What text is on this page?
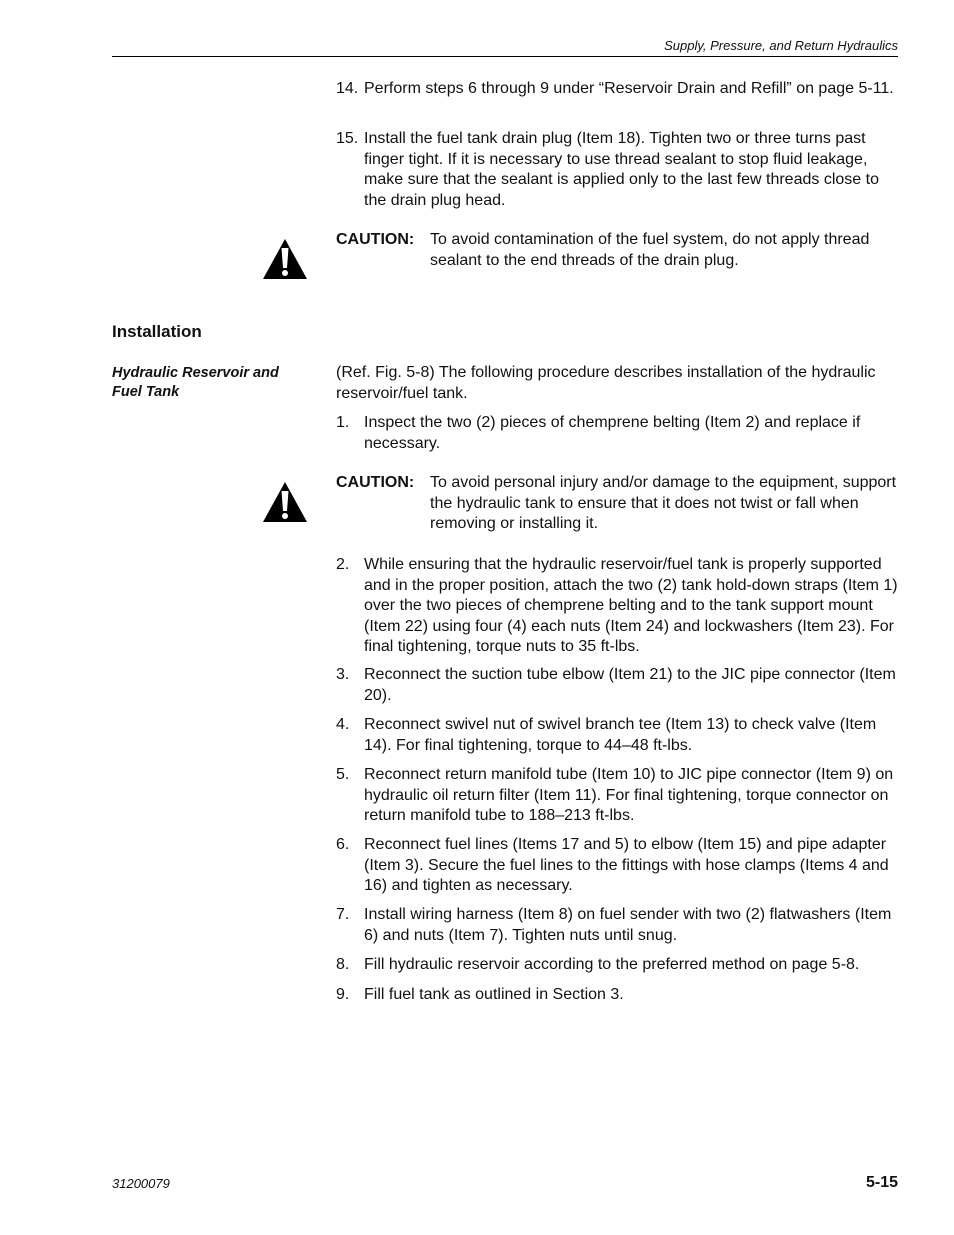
Supply, Pressure, and Return Hydraulics
14. Perform steps 6 through 9 under “Reservoir Drain and Refill” on page 5-11.
15. Install the fuel tank drain plug (Item 18). Tighten two or three turns past finger tight. If it is necessary to use thread sealant to stop fluid leakage, make sure that the sealant is applied only to the last few threads close to the drain plug head.
CAUTION: To avoid contamination of the fuel system, do not apply thread sealant to the end threads of the drain plug.
Installation
Hydraulic Reservoir and Fuel Tank
(Ref. Fig. 5-8) The following procedure describes installation of the hydraulic reservoir/fuel tank.
1. Inspect the two (2) pieces of chemprene belting (Item 2) and replace if necessary.
CAUTION: To avoid personal injury and/or damage to the equipment, support the hydraulic tank to ensure that it does not twist or fall when removing or installing it.
2. While ensuring that the hydraulic reservoir/fuel tank is properly supported and in the proper position, attach the two (2) tank hold-down straps (Item 1) over the two pieces of chemprene belting and to the tank support mount (Item 22) using four (4) each nuts (Item 24) and lockwashers (Item 23). For final tightening, torque nuts to 35 ft-lbs.
3. Reconnect the suction tube elbow (Item 21) to the JIC pipe connector (Item 20).
4. Reconnect swivel nut of swivel branch tee (Item 13) to check valve (Item 14). For final tightening, torque to 44–48 ft-lbs.
5. Reconnect return manifold tube (Item 10) to JIC pipe connector (Item 9) on hydraulic oil return filter (Item 11). For final tightening, torque connector on return manifold tube to 188–213 ft-lbs.
6. Reconnect fuel lines (Items 17 and 5) to elbow (Item 15) and pipe adapter (Item 3). Secure the fuel lines to the fittings with hose clamps (Items 4 and 16) and tighten as necessary.
7. Install wiring harness (Item 8) on fuel sender with two (2) flatwashers (Item 6) and nuts (Item 7). Tighten nuts until snug.
8. Fill hydraulic reservoir according to the preferred method on page 5-8.
9. Fill fuel tank as outlined in Section 3.
31200079	5-15
